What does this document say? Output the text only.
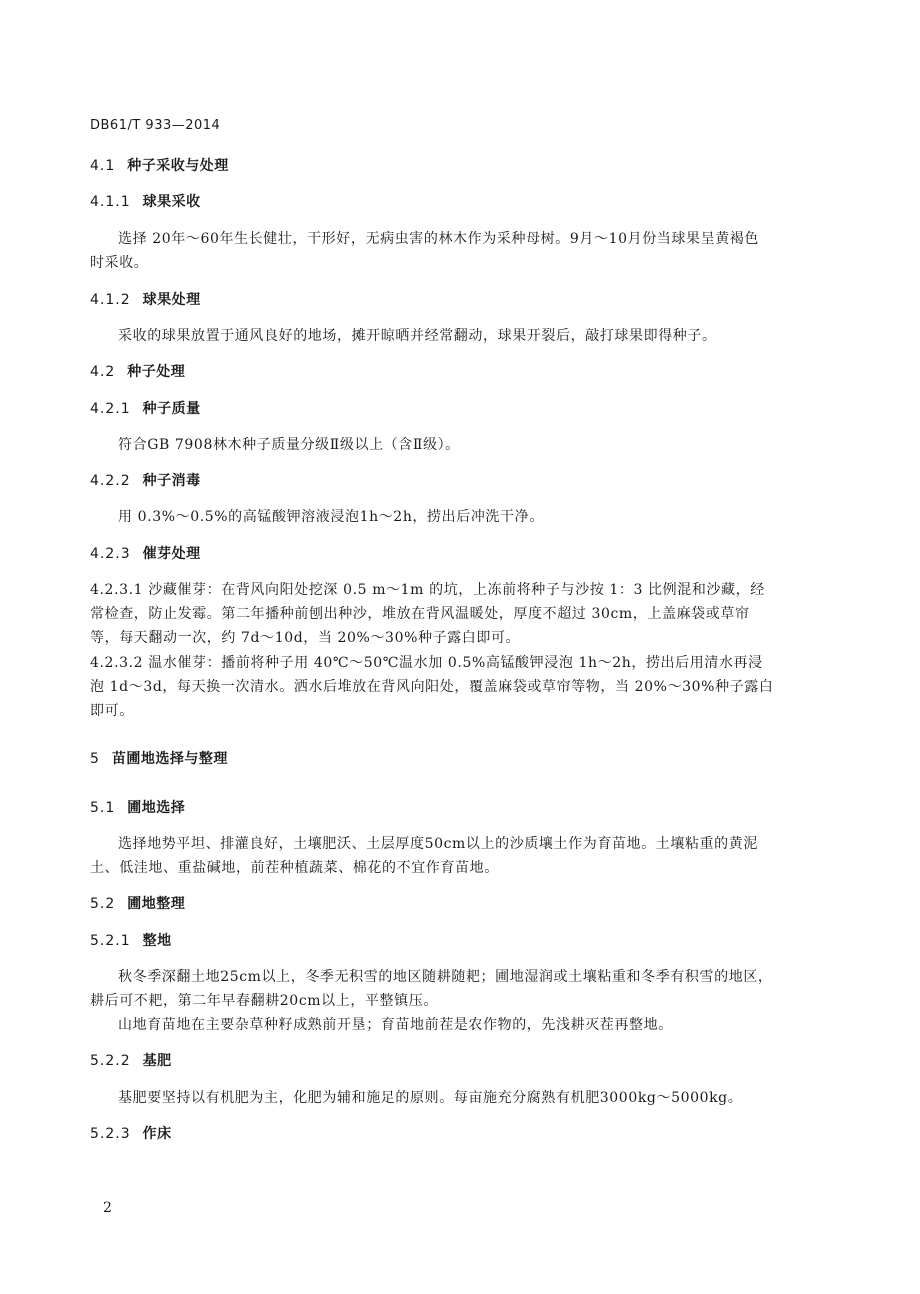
DB61/T 933—2014
4.1 种子采收与处理
4.1.1 球果采收
选择 20年～60年生长健壮，干形好，无病虫害的林木作为采种母树。9月～10月份当球果呈黄褐色
时采收。
4.1.2 球果处理
采收的球果放置于通风良好的地场，摊开晾晒并经常翻动，球果开裂后，敲打球果即得种子。
4.2 种子处理
4.2.1 种子质量
符合GB 7908林木种子质量分级Ⅱ级以上（含Ⅱ级）。
4.2.2 种子消毒
用 0.3%～0.5%的高锰酸钾溶液浸泡1h～2h，捞出后冲洗干净。
4.2.3 催芽处理
4.2.3.1 沙藏催芽：在背风向阳处挖深 0.5 m～1m 的坑，上冻前将种子与沙按 1：3 比例混和沙藏，经
常检查，防止发霉。第二年播种前刨出种沙，堆放在背风温暖处，厚度不超过 30cm，上盖麻袋或草帘
等，每天翻动一次，约 7d～10d，当 20%～30%种子露白即可。
4.2.3.2 温水催芽：播前将种子用 40℃～50℃温水加 0.5%高锰酸钾浸泡 1h～2h，捞出后用清水再浸
泡 1d～3d，每天换一次清水。洒水后堆放在背风向阳处，覆盖麻袋或草帘等物，当 20%～30%种子露白
即可。
5 苗圃地选择与整理
5.1 圃地选择
选择地势平坦、排灌良好，土壤肥沃、土层厚度50cm以上的沙质壤土作为育苗地。土壤粘重的黄泥
土、低洼地、重盐碱地，前茬种植蔬菜、棉花的不宜作育苗地。
5.2 圃地整理
5.2.1 整地
秋冬季深翻土地25cm以上，冬季无积雪的地区随耕随耙；圃地湿润或土壤粘重和冬季有积雪的地区，
耕后可不耙，第二年早春翻耕20cm以上，平整镇压。
山地育苗地在主要杂草种籽成熟前开垦；育苗地前茬是农作物的，先浅耕灭茬再整地。
5.2.2 基肥
基肥要坚持以有机肥为主，化肥为辅和施足的原则。每亩施充分腐熟有机肥3000kg～5000kg。
5.2.3 作床
2
